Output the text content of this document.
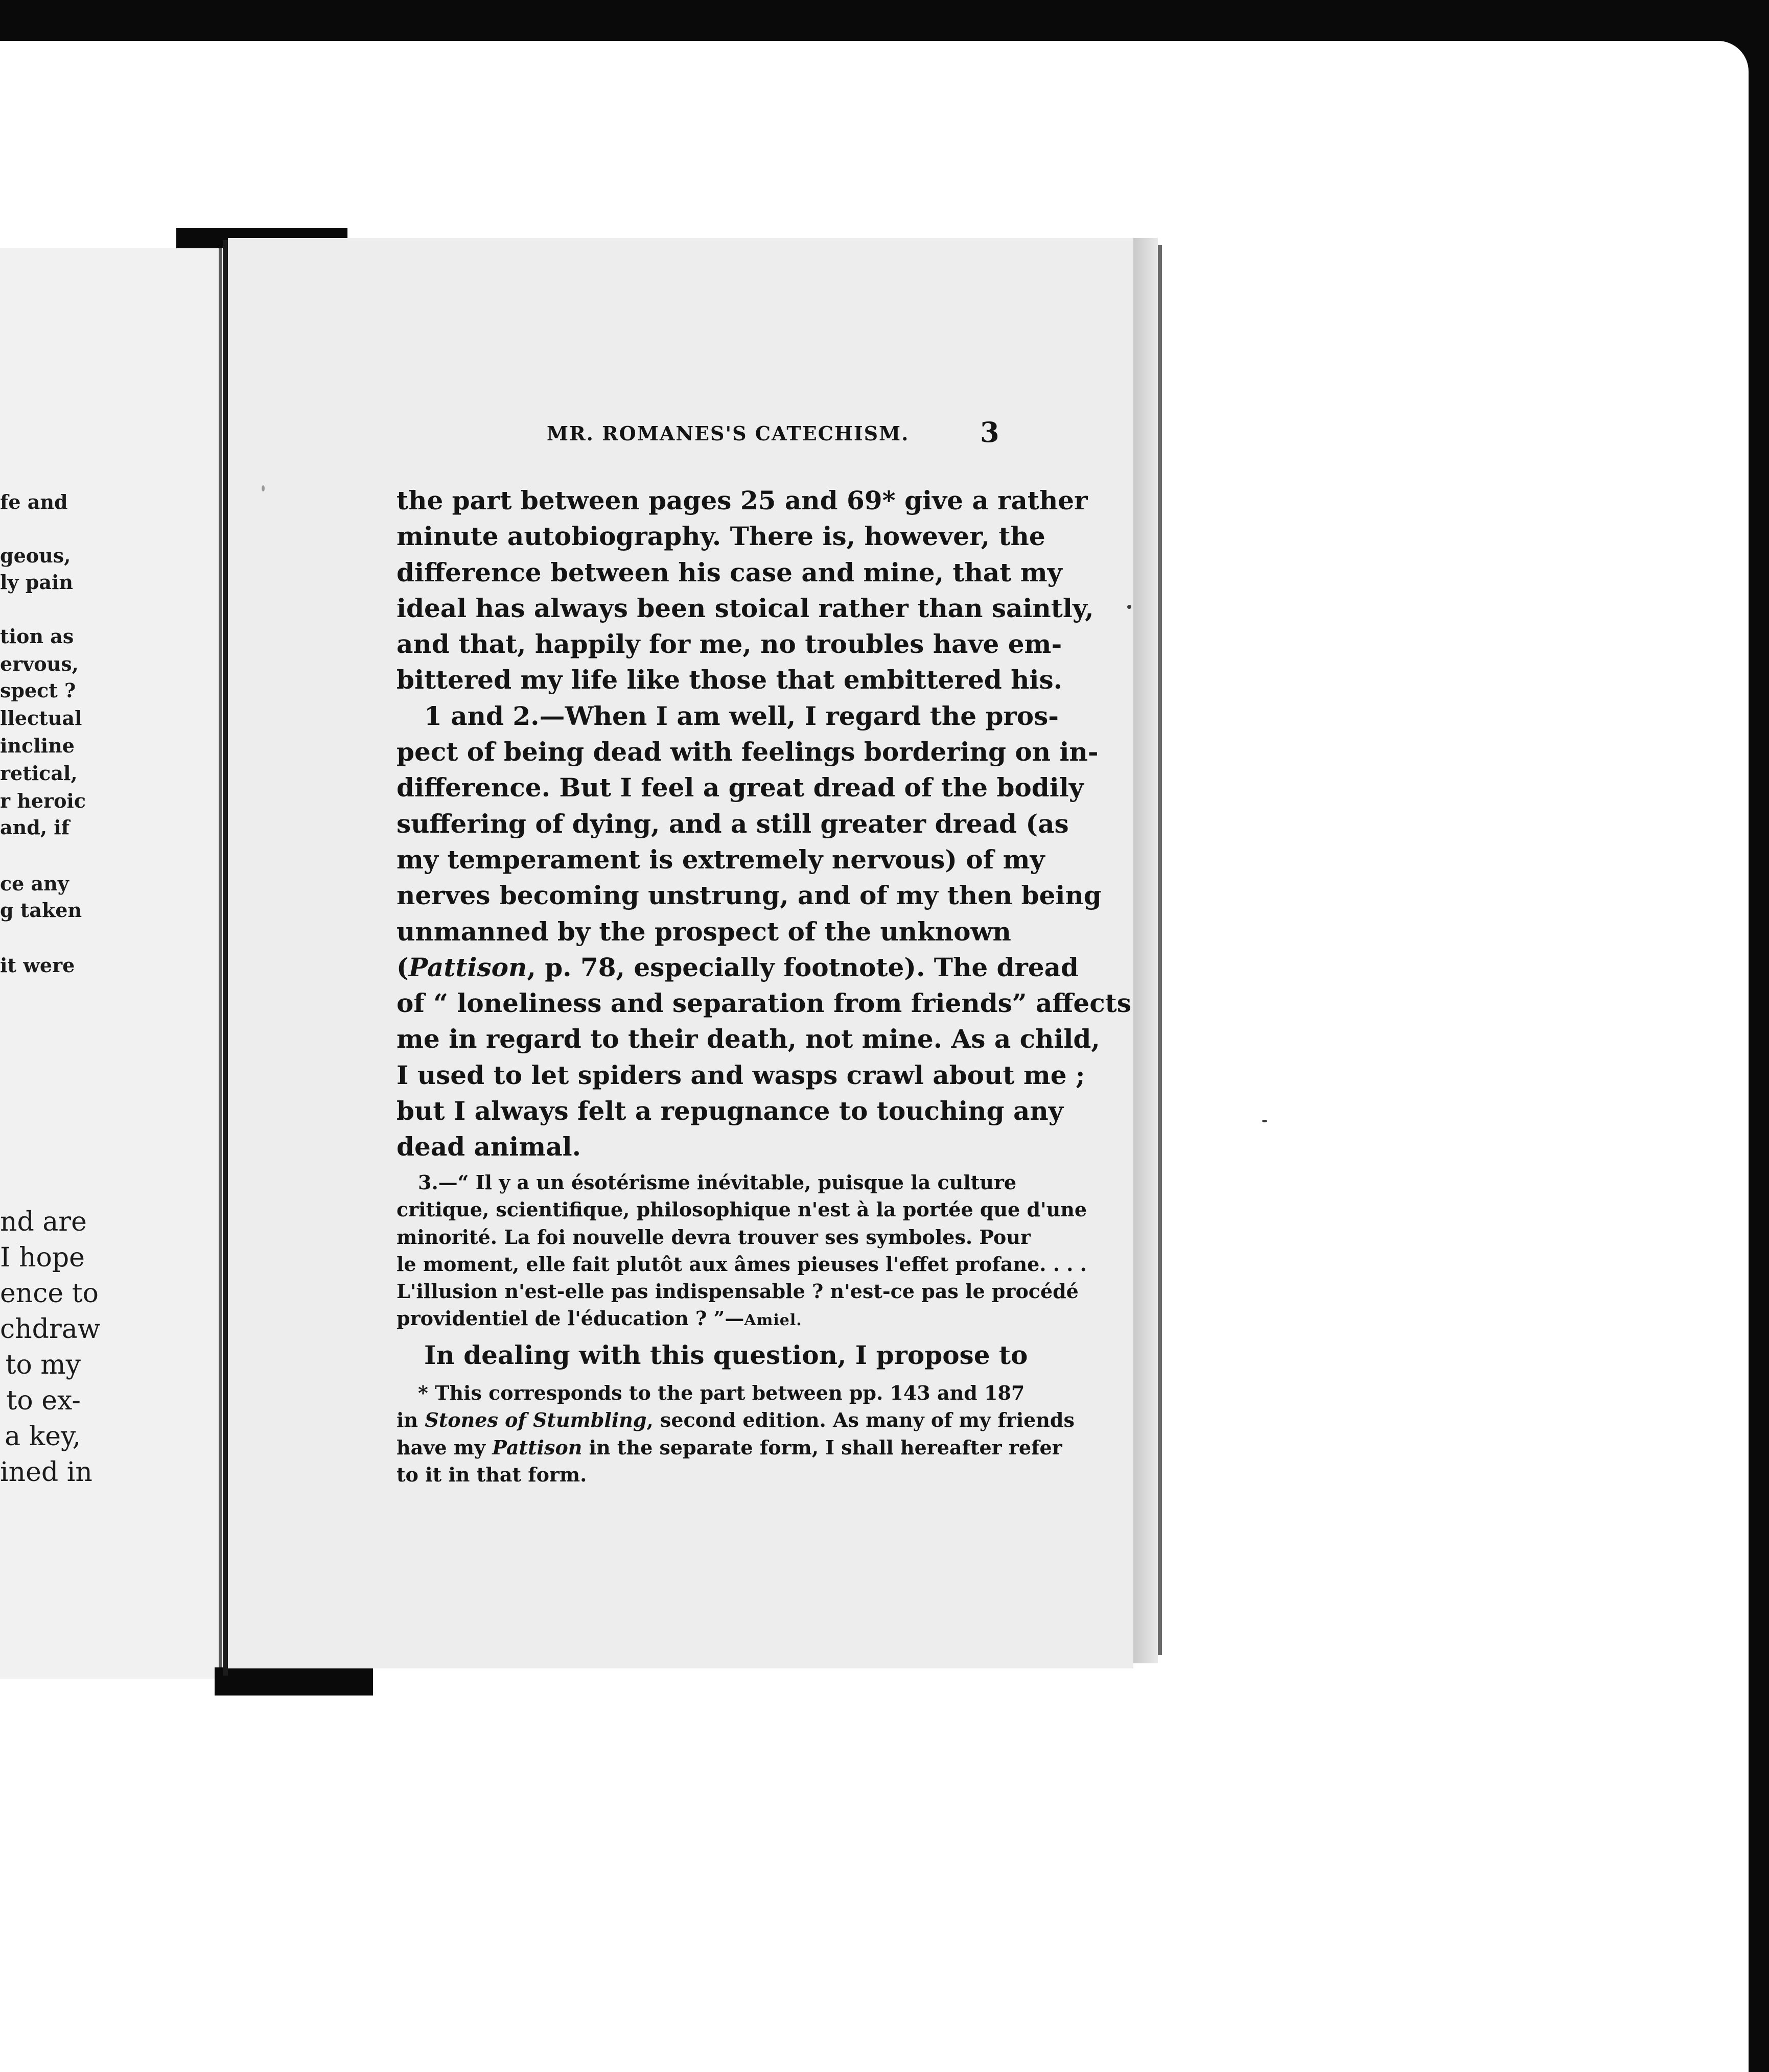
fe and
geous,
ly pain
tion as
ervous,
spect ?
llectual
incline
retical,
r heroic
and, if
ce any
g taken
it were
nd are
I hope
ence to
chdraw
to my
to ex-
a key,
ined in
MR. ROMANES'S CATECHISM.	3
the part between pages 25 and 69* give a rather
minute autobiography. There is, however, the
difference between his case and mine, that my
ideal has always been stoical rather than saintly,
and that, happily for me, no troubles have em-
bittered my life like those that embittered his.
1 and 2.—When I am well, I regard the pros-
pect of being dead with feelings bordering on in-
difference. But I feel a great dread of the bodily
suffering of dying, and a still greater dread (as
my temperament is extremely nervous) of my
nerves becoming unstrung, and of my then being
unmanned by the prospect of the unknown
(Pattison, p. 78, especially footnote). The dread
of “ loneliness and separation from friends” affects
me in regard to their death, not mine. As a child,
I used to let spiders and wasps crawl about me ;
but I always felt a repugnance to touching any
dead animal.
3.—“ Il y a un ésotérisme inévitable, puisque la culture
critique, scientifique, philosophique n'est à la portée que d'une
minorité. La foi nouvelle devra trouver ses symboles. Pour
le moment, elle fait plutôt aux âmes pieuses l'effet profane. . . .
L'illusion n'est-elle pas indispensable ? n'est-ce pas le procédé
providentiel de l'éducation ? ”—Amiel.
In dealing with this question, I propose to
* This corresponds to the part between pp. 143 and 187
in Stones of Stumbling, second edition. As many of my friends
have my Pattison in the separate form, I shall hereafter refer
to it in that form.
